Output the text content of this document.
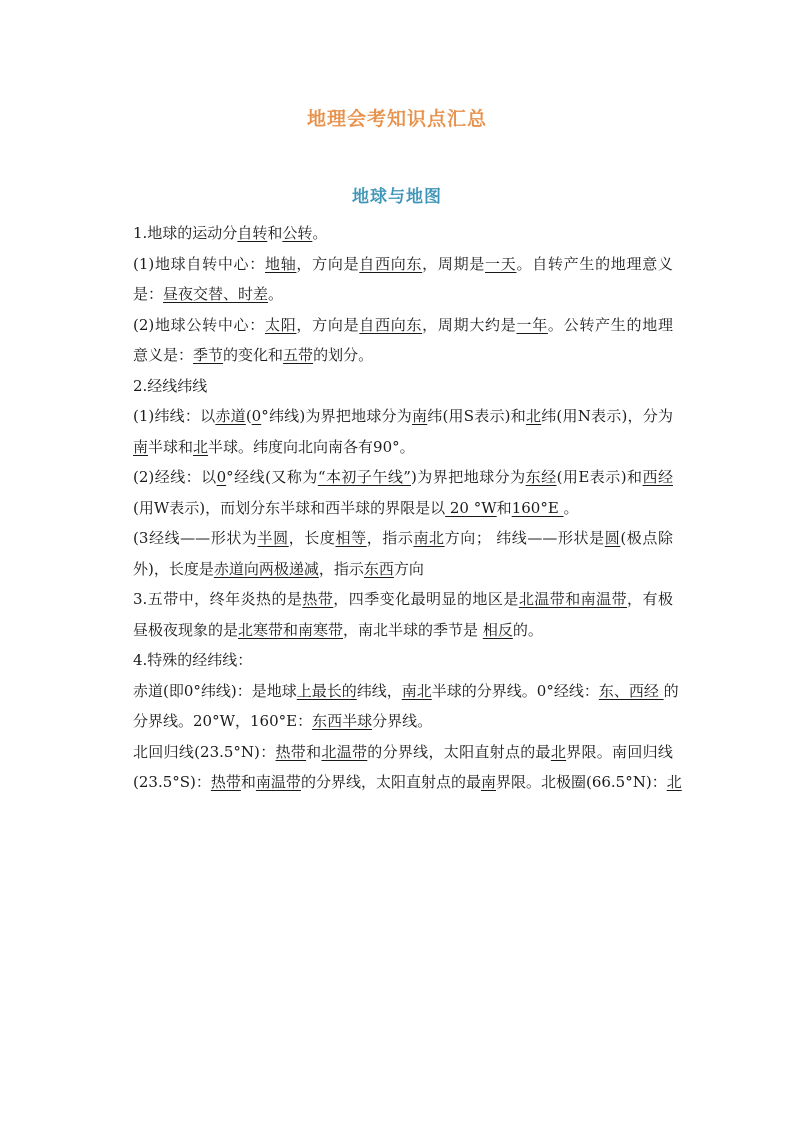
地理会考知识点汇总
地球与地图
1.地球的运动分自转和公转。
(1)地球自转中心：地轴，方向是自西向东，周期是一天。自转产生的地理意义
是：昼夜交替、时差。
(2)地球公转中心：太阳，方向是自西向东，周期大约是一年。公转产生的地理
意义是：季节的变化和五带的划分。
2.经线纬线
(1)纬线：以赤道(0°纬线)为界把地球分为南纬(用S表示)和北纬(用N表示)，分为
南半球和北半球。纬度向北向南各有90°。
(2)经线：以0°经线(又称为“本初子午线”)为界把地球分为东经(用E表示)和西经
(用W表示)，而划分东半球和西半球的界限是以 20 °W和160°E 。
(3经线——形状为半圆，长度相等，指示南北方向； 纬线——形状是圆(极点除
外)，长度是赤道向两极递减，指示东西方向
3.五带中，终年炎热的是热带，四季变化最明显的地区是北温带和南温带，有极
昼极夜现象的是北寒带和南寒带，南北半球的季节是 相反的。
4.特殊的经纬线：
赤道(即0°纬线)：是地球上最长的纬线，南北半球的分界线。0°经线：东、西经 的
分界线。20°W，160°E：东西半球分界线。
北回归线(23.5°N)：热带和北温带的分界线，太阳直射点的最北界限。南回归线
(23.5°S)：热带和南温带的分界线，太阳直射点的最南界限。北极圈(66.5°N)：北
